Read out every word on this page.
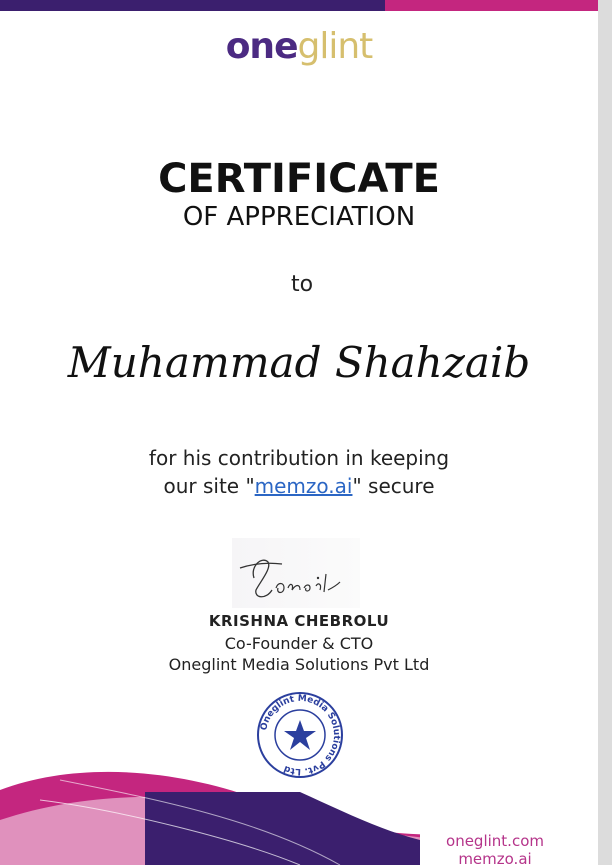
oneglint
CERTIFICATE
OF APPRECIATION
to
Muhammad Shahzaib
for his contribution in keeping
our site "memzo.ai" secure
KRISHNA CHEBROLU
Co-Founder & CTO
Oneglint Media Solutions Pvt Ltd
Oneglint Media Solutions Pvt. Ltd
oneglint.com
memzo.ai
